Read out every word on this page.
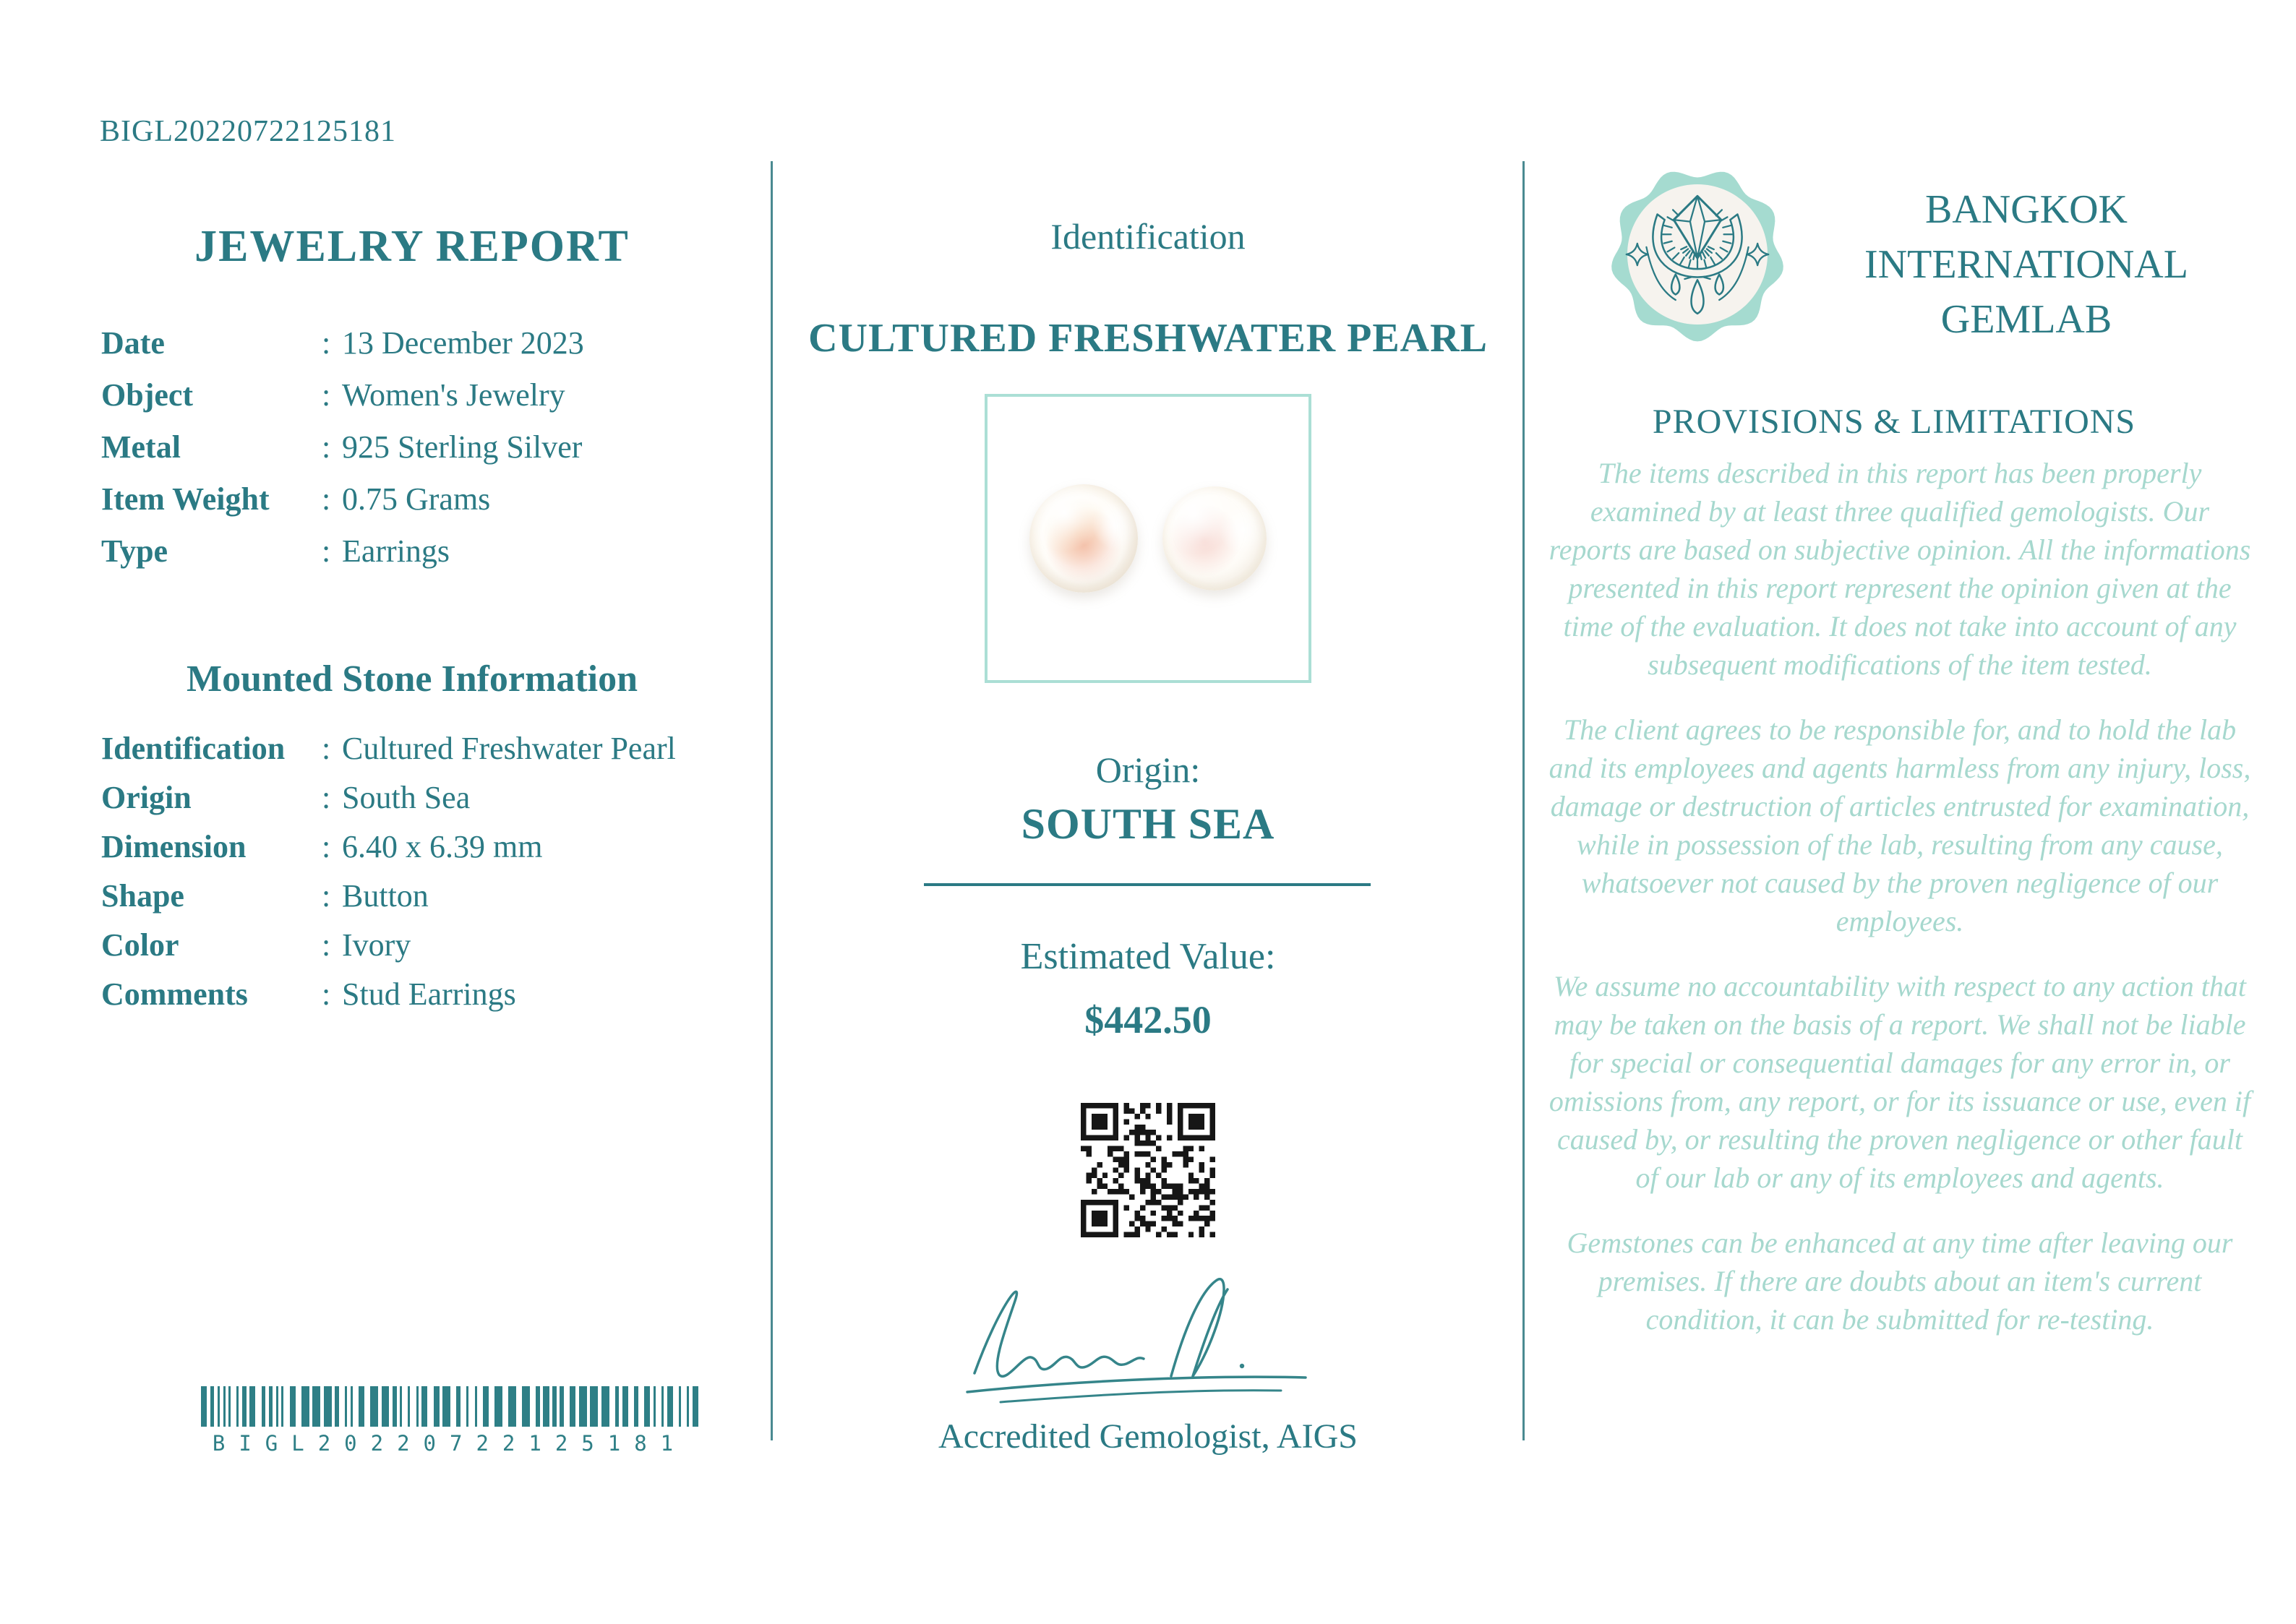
BIGL20220722125181
JEWELRY REPORT
Date	: 13 December 2023
Object	: Women's Jewelry
Metal	: 925 Sterling Silver
Item Weight	: 0.75 Grams
Type	: Earrings
Mounted Stone Information
Identification	: Cultured Freshwater Pearl
Origin	: South Sea
Dimension	: 6.40 x 6.39 mm
Shape	: Button
Color	: Ivory
Comments	: Stud Earrings
BIGL20220722125181
Identification
CULTURED FRESHWATER PEARL
Origin:
SOUTH SEA
Estimated Value:
$442.50
Accredited Gemologist, AIGS
BANGKOK
INTERNATIONAL
GEMLAB
PROVISIONS & LIMITATIONS

The items described in this report has been properly examined by at least three qualified gemologists. Our reports are based on subjective opinion. All the informations presented in this report represent the opinion given at the time of the evaluation. It does not take into account of any subsequent modifications of the item tested.

The client agrees to be responsible for, and to hold the lab and its employees and agents harmless from any injury, loss, damage or destruction of articles entrusted for examination, while in possession of the lab, resulting from any cause, whatsoever not caused by the proven negligence of our employees.

We assume no accountability with respect to any action that may be taken on the basis of a report. We shall not be liable for special or consequential damages for any error in, or omissions from, any report, or for its issuance or use, even if caused by, or resulting the proven negligence or other fault of our lab or any of its employees and agents.

Gemstones can be enhanced at any time after leaving our premises. If there are doubts about an item's current condition, it can be submitted for re-testing.
